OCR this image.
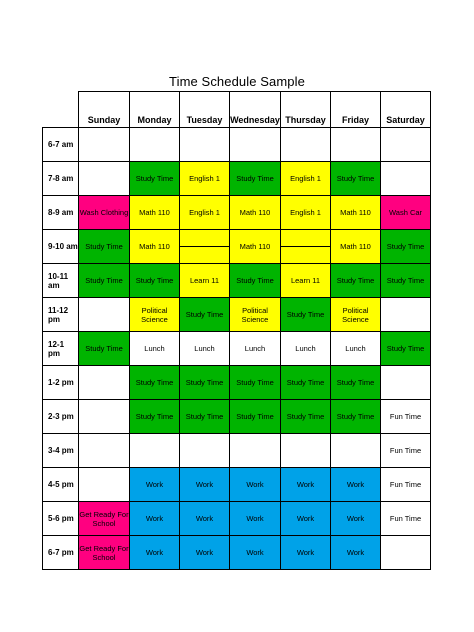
Time Schedule Sample
	Sunday	Monday	Tuesday	Wednesday	Thursday	Friday	Saturday
6-7 am							
7-8 am		Study Time	English 1	Study Time	English 1	Study Time	
8-9 am	Wash Clothing	Math 110	English 1	Math 110	English 1	Math 110	Wash Car
9-10 am	Study Time	Math 110		Math 110		Math 110	Study Time
10-11 am	Study Time	Study Time	Learn 11	Study Time	Learn 11	Study Time	Study Time
11-12 pm		Political Science	Study Time	Political Science	Study Time	Political Science	
12-1 pm	Study Time	Lunch	Lunch	Lunch	Lunch	Lunch	Study Time
1-2 pm		Study Time	Study Time	Study Time	Study Time	Study Time	
2-3 pm		Study Time	Study Time	Study Time	Study Time	Study Time	Fun Time
3-4 pm							Fun Time
4-5 pm		Work	Work	Work	Work	Work	Fun Time
5-6 pm	Get Ready For School	Work	Work	Work	Work	Work	Fun Time
6-7 pm	Get Ready For School	Work	Work	Work	Work	Work	
